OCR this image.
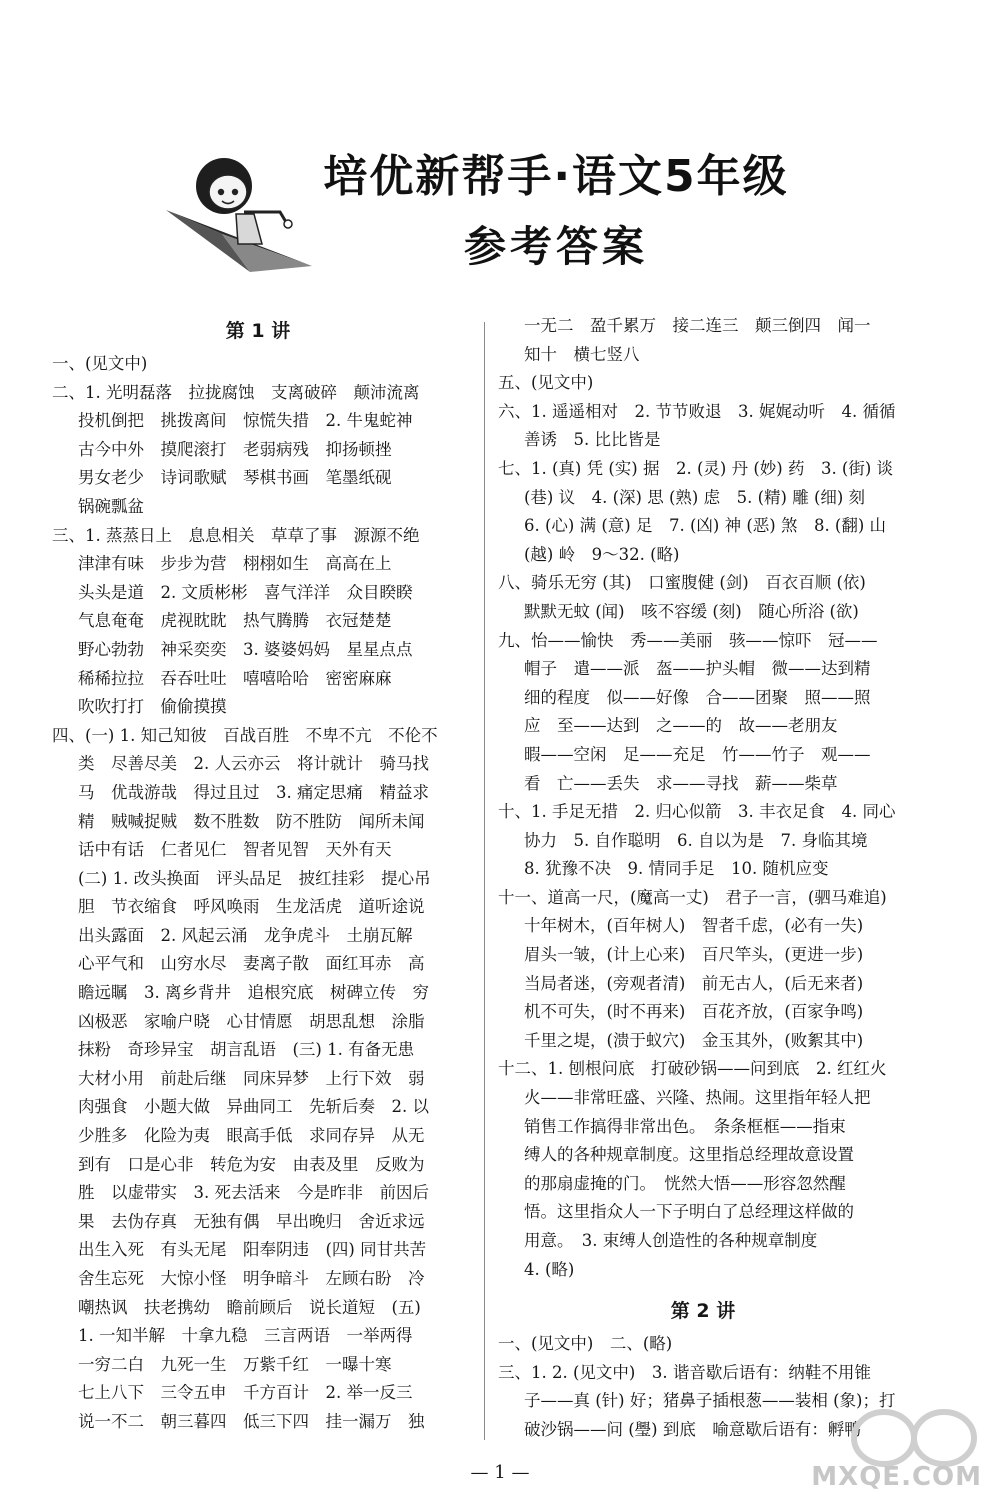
培优新帮手·语文5年级
参考答案
第 1 讲
一、(见文中)
二、1. 光明磊落　拉拢腐蚀　支离破碎　颠沛流离
投机倒把　挑拨离间　惊慌失措　2. 牛鬼蛇神
古今中外　摸爬滚打　老弱病残　抑扬顿挫
男女老少　诗词歌赋　琴棋书画　笔墨纸砚
锅碗瓢盆
三、1. 蒸蒸日上　息息相关　草草了事　源源不绝
津津有味　步步为营　栩栩如生　高高在上
头头是道　2. 文质彬彬　喜气洋洋　众目睽睽
气息奄奄　虎视眈眈　热气腾腾　衣冠楚楚
野心勃勃　神采奕奕　3. 婆婆妈妈　星星点点
稀稀拉拉　吞吞吐吐　嘻嘻哈哈　密密麻麻
吹吹打打　偷偷摸摸
四、(一) 1. 知己知彼　百战百胜　不卑不亢　不伦不
类　尽善尽美　2. 人云亦云　将计就计　骑马找
马　优哉游哉　得过且过　3. 痛定思痛　精益求
精　贼喊捉贼　数不胜数　防不胜防　闻所未闻
话中有话　仁者见仁　智者见智　天外有天
(二) 1. 改头换面　评头品足　披红挂彩　提心吊
胆　节衣缩食　呼风唤雨　生龙活虎　道听途说
出头露面　2. 风起云涌　龙争虎斗　土崩瓦解
心平气和　山穷水尽　妻离子散　面红耳赤　高
瞻远瞩　3. 离乡背井　追根究底　树碑立传　穷
凶极恶　家喻户晓　心甘情愿　胡思乱想　涂脂
抹粉　奇珍异宝　胡言乱语　(三) 1. 有备无患
大材小用　前赴后继　同床异梦　上行下效　弱
肉强食　小题大做　异曲同工　先斩后奏　2. 以
少胜多　化险为夷　眼高手低　求同存异　从无
到有　口是心非　转危为安　由表及里　反败为
胜　以虚带实　3. 死去活来　今是昨非　前因后
果　去伪存真　无独有偶　早出晚归　舍近求远
出生入死　有头无尾　阳奉阴违　(四) 同甘共苦
舍生忘死　大惊小怪　明争暗斗　左顾右盼　冷
嘲热讽　扶老携幼　瞻前顾后　说长道短　(五)
1. 一知半解　十拿九稳　三言两语　一举两得
一穷二白　九死一生　万紫千红　一曝十寒
七上八下　三令五申　千方百计　2. 举一反三
说一不二　朝三暮四　低三下四　挂一漏万　独
一无二　盈千累万　接二连三　颠三倒四　闻一
知十　横七竖八
五、(见文中)
六、1. 遥遥相对　2. 节节败退　3. 娓娓动听　4. 循循
善诱　5. 比比皆是
七、1. (真) 凭 (实) 据　2. (灵) 丹 (妙) 药　3. (街) 谈
(巷) 议　4. (深) 思 (熟) 虑　5. (精) 雕 (细) 刻
6. (心) 满 (意) 足　7. (凶) 神 (恶) 煞　8. (翻) 山
(越) 岭　9～32. (略)
八、骑乐无穷 (其)　口蜜腹健 (剑)　百衣百顺 (依)
默默无蚊 (闻)　咳不容缓 (刻)　随心所浴 (欲)
九、怡——愉快　秀——美丽　骇——惊吓　冠——
帽子　遣——派　盔——护头帽　微——达到精
细的程度　似——好像　合——团聚　照——照
应　至——达到　之——的　故——老朋友
暇——空闲　足——充足　竹——竹子　观——
看　亡——丢失　求——寻找　薪——柴草
十、1. 手足无措　2. 归心似箭　3. 丰衣足食　4. 同心
协力　5. 自作聪明　6. 自以为是　7. 身临其境
8. 犹豫不决　9. 情同手足　10. 随机应变
十一、道高一尺，(魔高一丈)　君子一言，(驷马难追)
十年树木，(百年树人)　智者千虑，(必有一失)
眉头一皱，(计上心来)　百尺竿头，(更进一步)
当局者迷，(旁观者清)　前无古人，(后无来者)
机不可失，(时不再来)　百花齐放，(百家争鸣)
千里之堤，(溃于蚁穴)　金玉其外，(败絮其中)
十二、1. 刨根问底　打破砂锅——问到底　2. 红红火
火——非常旺盛、兴隆、热闹。这里指年轻人把
销售工作搞得非常出色。　条条框框——指束
缚人的各种规章制度。这里指总经理故意设置
的那扇虚掩的门。　恍然大悟——形容忽然醒
悟。这里指众人一下子明白了总经理这样做的
用意。　3. 束缚人创造性的各种规章制度
4. (略)
第 2 讲
一、(见文中)　二、(略)
三、1. 2. (见文中)　3. 谐音歇后语有：纳鞋不用锥
子——真 (针) 好；猪鼻子插根葱——装相 (象)；打
破沙锅——问 (璺) 到底　喻意歇后语有：孵鸭
— 1 —	MXQE.COM
